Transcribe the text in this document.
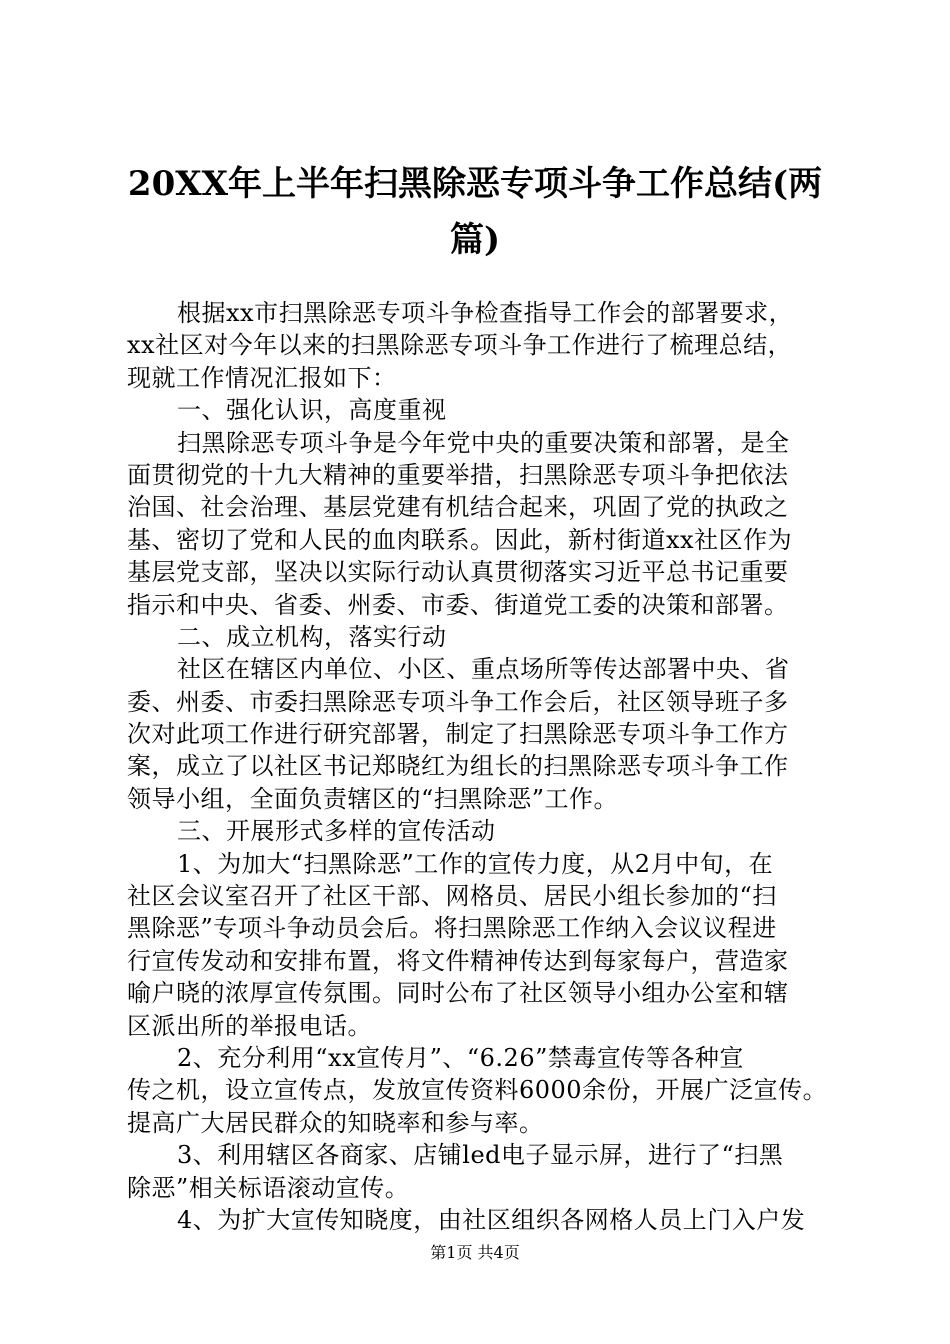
20XX年上半年扫黑除恶专项斗争工作总结(两
篇)
根据xx市扫黑除恶专项斗争检查指导工作会的部署要求，
xx社区对今年以来的扫黑除恶专项斗争工作进行了梳理总结，
现就工作情况汇报如下：
一、强化认识，高度重视
扫黑除恶专项斗争是今年党中央的重要决策和部署，是全
面贯彻党的十九大精神的重要举措，扫黑除恶专项斗争把依法
治国、社会治理、基层党建有机结合起来，巩固了党的执政之
基、密切了党和人民的血肉联系。因此，新村街道xx社区作为
基层党支部，坚决以实际行动认真贯彻落实习近平总书记重要
指示和中央、省委、州委、市委、街道党工委的决策和部署。
二、成立机构，落实行动
社区在辖区内单位、小区、重点场所等传达部署中央、省
委、州委、市委扫黑除恶专项斗争工作会后，社区领导班子多
次对此项工作进行研究部署，制定了扫黑除恶专项斗争工作方
案，成立了以社区书记郑晓红为组长的扫黑除恶专项斗争工作
领导小组，全面负责辖区的“扫黑除恶”工作。
三、开展形式多样的宣传活动
1、为加大“扫黑除恶”工作的宣传力度，从2月中旬，在
社区会议室召开了社区干部、网格员、居民小组长参加的“扫
黑除恶”专项斗争动员会后。将扫黑除恶工作纳入会议议程进
行宣传发动和安排布置，将文件精神传达到每家每户，营造家
喻户晓的浓厚宣传氛围。同时公布了社区领导小组办公室和辖
区派出所的举报电话。
2、充分利用“xx宣传月”、“6.26”禁毒宣传等各种宣
传之机，设立宣传点，发放宣传资料6000余份，开展广泛宣传。
提高广大居民群众的知晓率和参与率。
3、利用辖区各商家、店铺led电子显示屏，进行了“扫黑
除恶”相关标语滚动宣传。
4、为扩大宣传知晓度，由社区组织各网格人员上门入户发
第1页 共4页
